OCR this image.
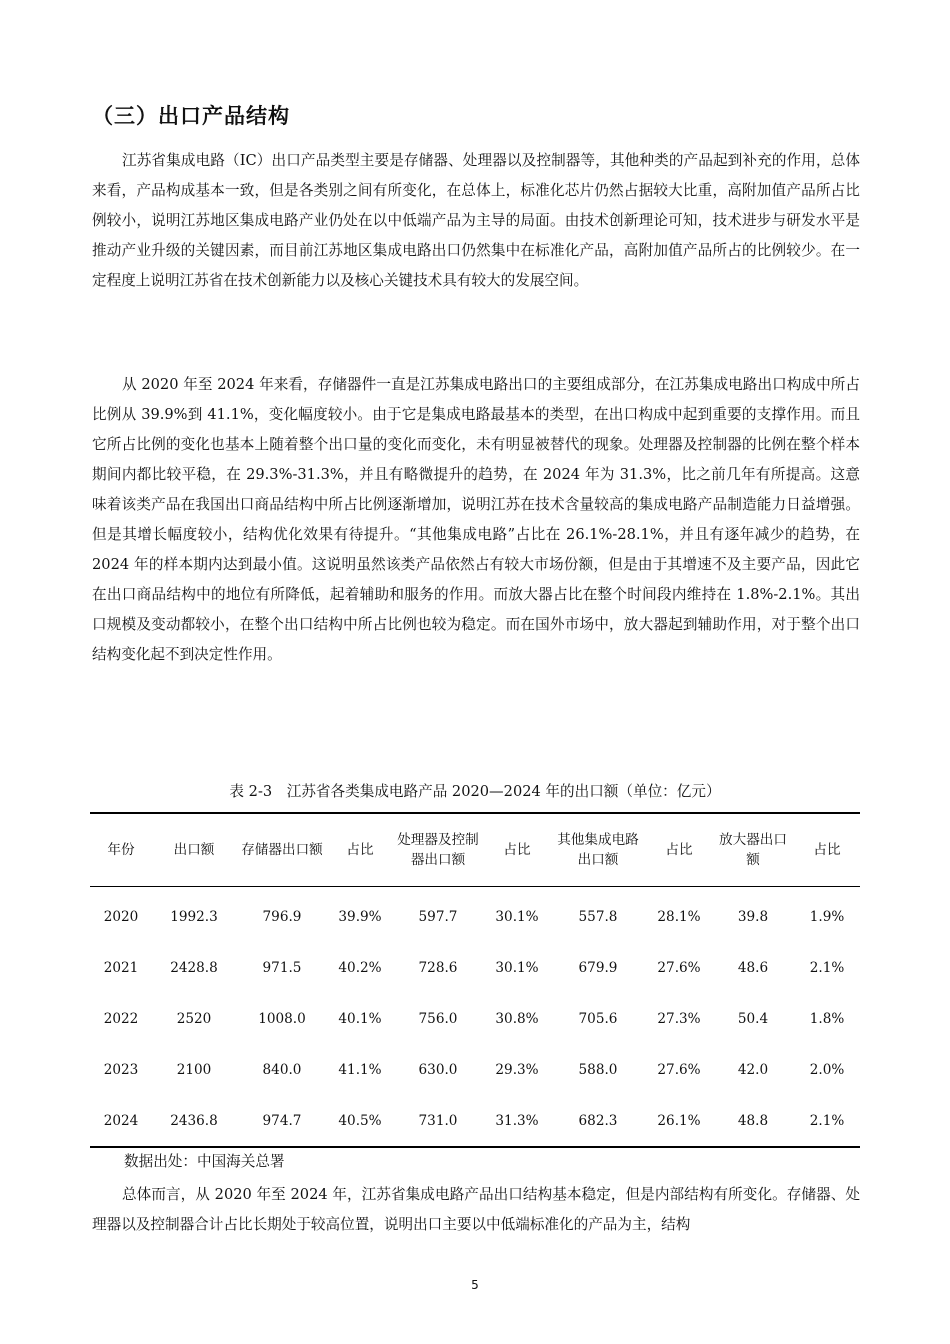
（三）出口产品结构

江苏省集成电路（IC）出口产品类型主要是存储器、处理器以及控制器等，其他种类的产品起到补充的作用，总体来看，产品构成基本一致，但是各类别之间有所变化，在总体上，标准化芯片仍然占据较大比重，高附加值产品所占比例较小，说明江苏地区集成电路产业仍处在以中低端产品为主导的局面。由技术创新理论可知，技术进步与研发水平是推动产业升级的关键因素，而目前江苏地区集成电路出口仍然集中在标准化产品，高附加值产品所占的比例较少。在一定程度上说明江苏省在技术创新能力以及核心关键技术具有较大的发展空间。

从 2020 年至 2024 年来看，存储器件一直是江苏集成电路出口的主要组成部分，在江苏集成电路出口构成中所占比例从 39.9%到 41.1%，变化幅度较小。由于它是集成电路最基本的类型，在出口构成中起到重要的支撑作用。而且它所占比例的变化也基本上随着整个出口量的变化而变化，未有明显被替代的现象。处理器及控制器的比例在整个样本期间内都比较平稳，在 29.3%-31.3%，并且有略微提升的趋势，在 2024 年为 31.3%，比之前几年有所提高。这意味着该类产品在我国出口商品结构中所占比例逐渐增加，说明江苏在技术含量较高的集成电路产品制造能力日益增强。但是其增长幅度较小，结构优化效果有待提升。“其他集成电路”占比在 26.1%-28.1%，并且有逐年减少的趋势，在 2024 年的样本期内达到最小值。这说明虽然该类产品依然占有较大市场份额，但是由于其增速不及主要产品，因此它在出口商品结构中的地位有所降低，起着辅助和服务的作用。而放大器占比在整个时间段内维持在 1.8%-2.1%。其出口规模及变动都较小，在整个出口结构中所占比例也较为稳定。而在国外市场中，放大器起到辅助作用，对于整个出口结构变化起不到决定性作用。

表 2-3　江苏省各类集成电路产品 2020—2024 年的出口额（单位：亿元）
年份	出口额	存储器出口额	占比	处理器及控制器出口额	占比	其他集成电路出口额	占比	放大器出口额	占比
2020	1992.3	796.9	39.9%	597.7	30.1%	557.8	28.1%	39.8	1.9%
2021	2428.8	971.5	40.2%	728.6	30.1%	679.9	27.6%	48.6	2.1%
2022	2520	1008.0	40.1%	756.0	30.8%	705.6	27.3%	50.4	1.8%
2023	2100	840.0	41.1%	630.0	29.3%	588.0	27.6%	42.0	2.0%
2024	2436.8	974.7	40.5%	731.0	31.3%	682.3	26.1%	48.8	2.1%
数据出处：中国海关总署

总体而言，从 2020 年至 2024 年，江苏省集成电路产品出口结构基本稳定，但是内部结构有所变化。存储器、处理器以及控制器合计占比长期处于较高位置，说明出口主要以中低端标准化的产品为主，结构

5
